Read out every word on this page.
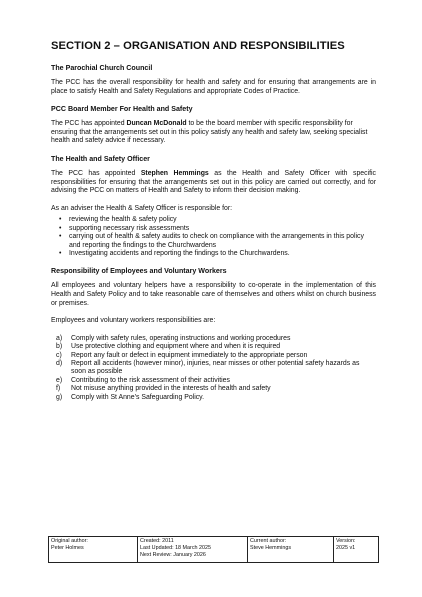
SECTION 2 – ORGANISATION AND RESPONSIBILITIES
The Parochial Church Council

The PCC has the overall responsibility for health and safety and for ensuring that arrangements are in place to satisfy Health and Safety Regulations and appropriate Codes of Practice.

PCC Board Member For Health and Safety

The PCC has appointed Duncan McDonald to be the board member with specific responsibility for ensuring that the arrangements set out in this policy satisfy any health and safety law, seeking specialist health and safety advice if necessary.

The Health and Safety Officer

The PCC has appointed Stephen Hemmings as the Health and Safety Officer with specific responsibilities for ensuring that the arrangements set out in this policy are carried out correctly, and for advising the PCC on matters of Health and Safety to inform their decision making.

As an adviser the Health & Safety Officer is responsible for:

• reviewing the health & safety policy
• supporting necessary risk assessments
• carrying out of health & safety audits to check on compliance with the arrangements in this policy and reporting the findings to the Churchwardens
• Investigating accidents and reporting the findings to the Churchwardens.
Responsibility of Employees and Voluntary Workers

All employees and voluntary helpers have a responsibility to co-operate in the implementation of this Health and Safety Policy and to take reasonable care of themselves and others whilst on church business or premises.

Employees and voluntary workers responsibilities are:

a) Comply with safety rules, operating instructions and working procedures
b) Use protective clothing and equipment where and when it is required
c) Report any fault or defect in equipment immediately to the appropriate person
d) Report all accidents (however minor), injuries, near misses or other potential safety hazards as soon as possible
e) Contributing to the risk assessment of their activities
f) Not misuse anything provided in the interests of health and safety
g) Comply with St Anne’s Safeguarding Policy.
Original author:
Peter Holmes

Created: 2011
Last Updated: 18 March 2025
Next Review: January 2026

Current author:
Steve Hemmings

Version:
2025 v1
